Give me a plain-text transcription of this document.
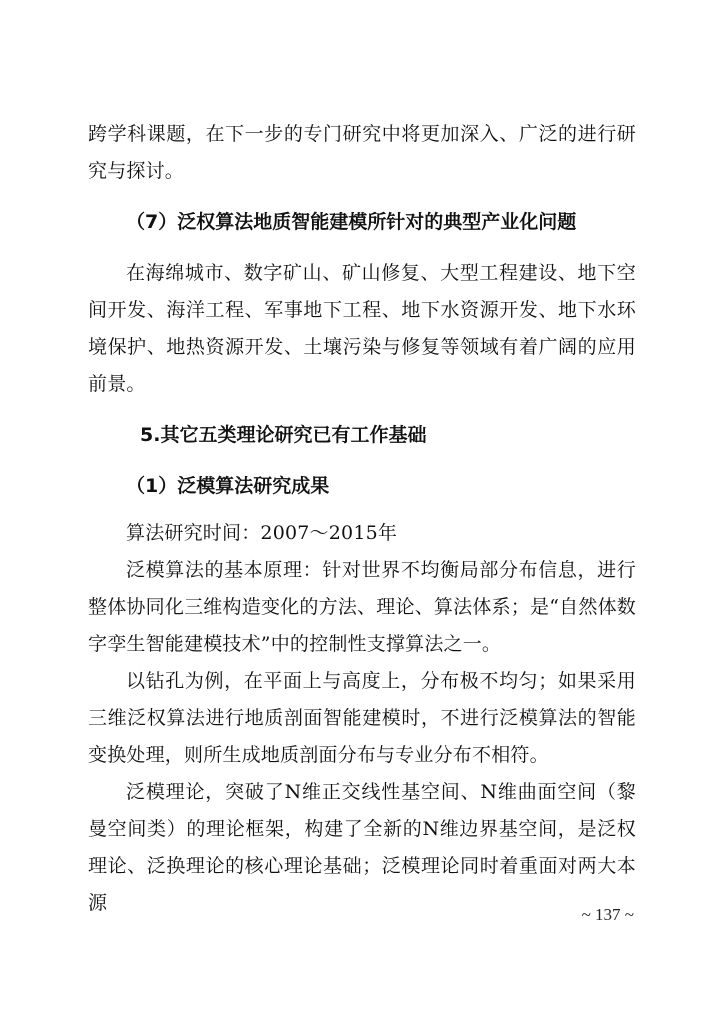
跨学科课题，在下一步的专门研究中将更加深入、广泛的进行研究与探讨。

（7）泛权算法地质智能建模所针对的典型产业化问题

在海绵城市、数字矿山、矿山修复、大型工程建设、地下空间开发、海洋工程、军事地下工程、地下水资源开发、地下水环境保护、地热资源开发、土壤污染与修复等领域有着广阔的应用前景。

5.其它五类理论研究已有工作基础

（1）泛模算法研究成果

算法研究时间：2007～2015年

泛模算法的基本原理：针对世界不均衡局部分布信息，进行整体协同化三维构造变化的方法、理论、算法体系；是“自然体数字孪生智能建模技术”中的控制性支撑算法之一。

以钻孔为例，在平面上与高度上，分布极不均匀；如果采用三维泛权算法进行地质剖面智能建模时，不进行泛模算法的智能变换处理，则所生成地质剖面分布与专业分布不相符。

泛模理论，突破了N维正交线性基空间、N维曲面空间（黎曼空间类）的理论框架，构建了全新的N维边界基空间，是泛权理论、泛换理论的核心理论基础；泛模理论同时着重面对两大本源

~ 137 ~
